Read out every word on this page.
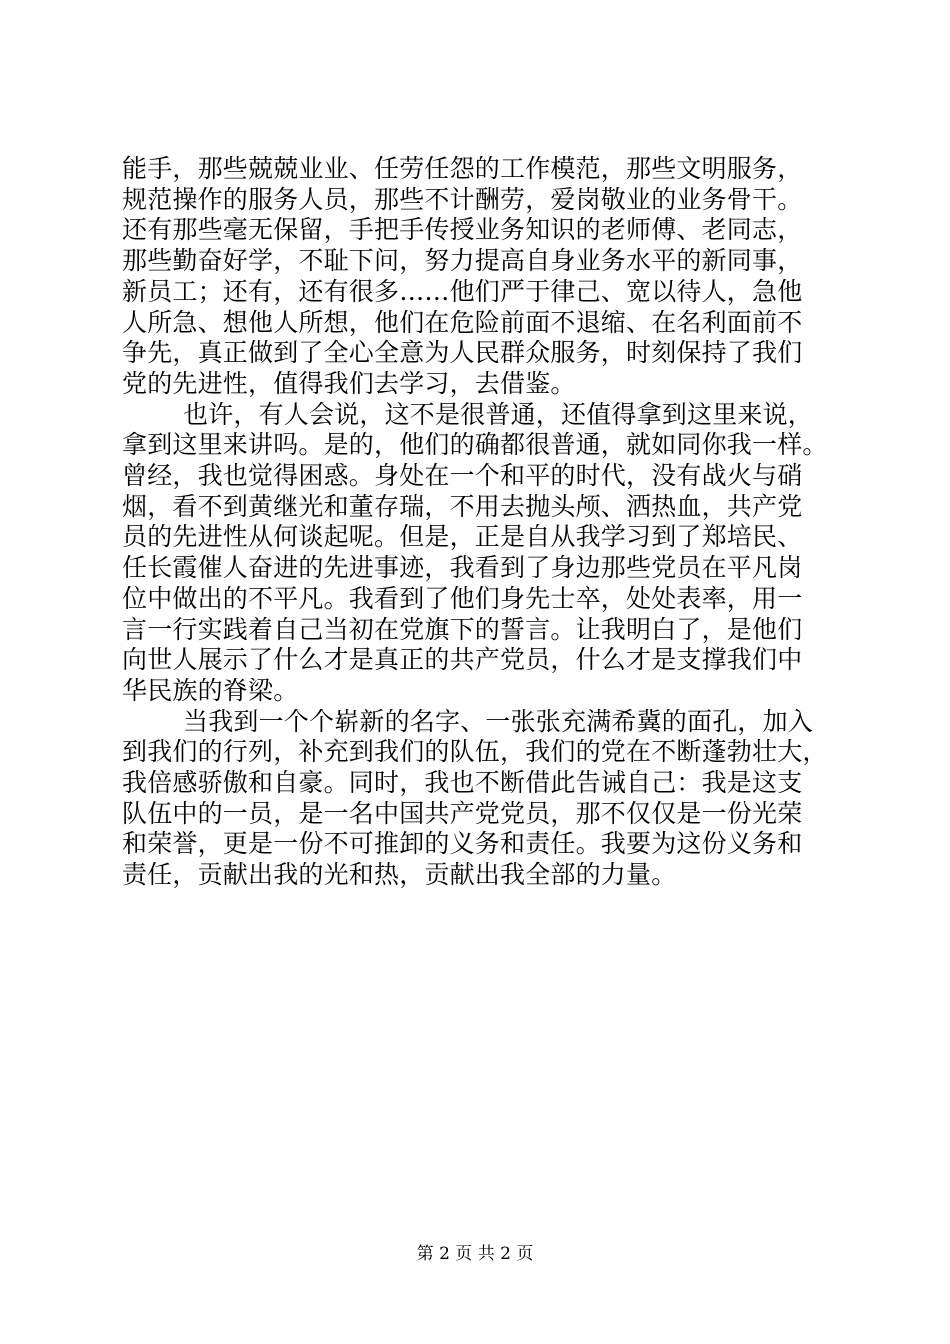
能手，那些兢兢业业、任劳任怨的工作模范，那些文明服务，
规范操作的服务人员，那些不计酬劳，爱岗敬业的业务骨干。
还有那些毫无保留，手把手传授业务知识的老师傅、老同志，
那些勤奋好学，不耻下问，努力提高自身业务水平的新同事，
新员工；还有，还有很多……他们严于律己、宽以待人，急他
人所急、想他人所想，他们在危险前面不退缩、在名利面前不
争先，真正做到了全心全意为人民群众服务，时刻保持了我们
党的先进性，值得我们去学习，去借鉴。
也许，有人会说，这不是很普通，还值得拿到这里来说，
拿到这里来讲吗。是的，他们的确都很普通，就如同你我一样。
曾经，我也觉得困惑。身处在一个和平的时代，没有战火与硝
烟，看不到黄继光和董存瑞，不用去抛头颅、洒热血，共产党
员的先进性从何谈起呢。但是，正是自从我学习到了郑培民、
任长霞催人奋进的先进事迹，我看到了身边那些党员在平凡岗
位中做出的不平凡。我看到了他们身先士卒，处处表率，用一
言一行实践着自己当初在党旗下的誓言。让我明白了，是他们
向世人展示了什么才是真正的共产党员，什么才是支撑我们中
华民族的脊梁。
当我到一个个崭新的名字、一张张充满希冀的面孔，加入
到我们的行列，补充到我们的队伍，我们的党在不断蓬勃壮大，
我倍感骄傲和自豪。同时，我也不断借此告诫自己：我是这支
队伍中的一员，是一名中国共产党党员，那不仅仅是一份光荣
和荣誉，更是一份不可推卸的义务和责任。我要为这份义务和
责任，贡献出我的光和热，贡献出我全部的力量。
第 2 页 共 2 页
